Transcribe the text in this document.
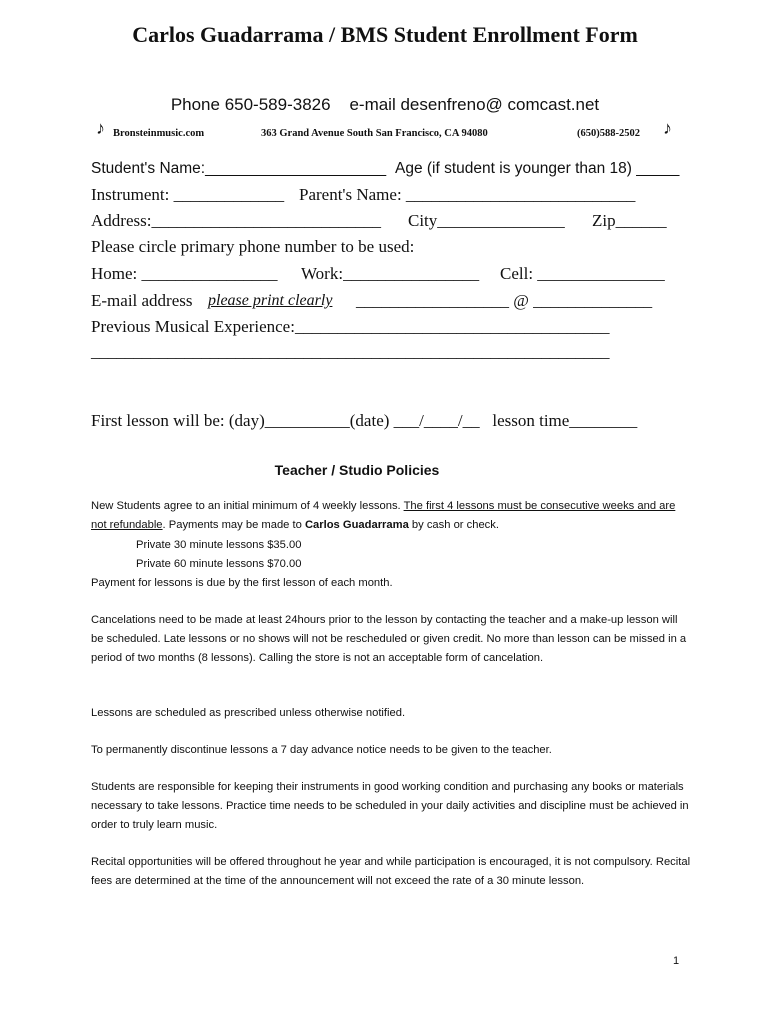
Carlos Guadarrama / BMS Student Enrollment Form
Phone 650-589-3826    e-mail desenfreno@ comcast.net
♪ Bronsteinmusic.com	363 Grand Avenue South San Francisco, CA 94080	(650)588-2502 ♪
Student's Name:_____________________ Age (if student is younger than 18) _____
Instrument: _____________ Parent's Name: ___________________________
Address:___________________________ City_______________ Zip______
Please circle primary phone number to be used:
Home: ________________ Work:________________ Cell: _______________
E-mail address please print clearly __________________ @ ______________
Previous Musical Experience:_____________________________________
_____________________________________________________________
First lesson will be: (day)__________(date) ___/____/__   lesson time________
Teacher / Studio Policies
New Students agree to an initial minimum of 4 weekly lessons. The first 4 lessons must be consecutive weeks and are not refundable. Payments may be made to Carlos Guadarrama by cash or check.
Private 30 minute lessons $35.00
Private 60 minute lessons $70.00
Payment for lessons is due by the first lesson of each month.
Cancelations need to be made at least 24hours prior to the lesson by contacting the teacher and a make-up lesson will be scheduled. Late lessons or no shows will not be rescheduled or given credit. No more than lesson can be missed in a period of two months (8 lessons). Calling the store is not an acceptable form of cancelation.
Lessons are scheduled as prescribed unless otherwise notified.
To permanently discontinue lessons a 7 day advance notice needs to be given to the teacher.
Students are responsible for keeping their instruments in good working condition and purchasing any books or materials necessary to take lessons. Practice time needs to be scheduled in your daily activities and discipline must be achieved in order to truly learn music.
Recital opportunities will be offered throughout he year and while participation is encouraged, it is not compulsory. Recital fees are determined at the time of the announcement will not exceed the rate of a 30 minute lesson.
1
